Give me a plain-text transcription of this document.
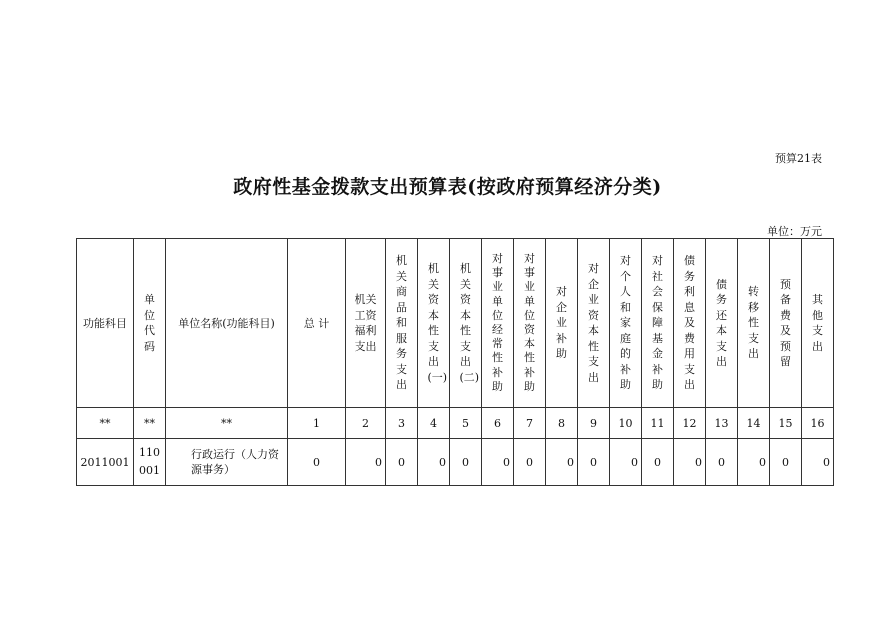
预算21表
政府性基金拨款支出预算表(按政府预算经济分类)
单位：万元
功能科目	单位代码	单位名称(功能科目)	总 计	机关工资福利支出	机关商品和服务支出	机关资本性支出(一)	机关资本性支出(二)	对事业单位经常性补助	对事业单位资本性补助	对企业补助	对企业资本性支出	对个人和家庭的补助	对社会保障基金补助	债务利息及费用支出	债务还本支出	转移性支出	预备费及预留	其他支出	
**	**	**	1	2	3	4	5	6	7	8	9	10	11	12	13	14	15	16	
2011001	110001	行政运行（人力资源事务）	0	0	0	0	0	0	0	0	0	0	0	0	0	0	0	0	
